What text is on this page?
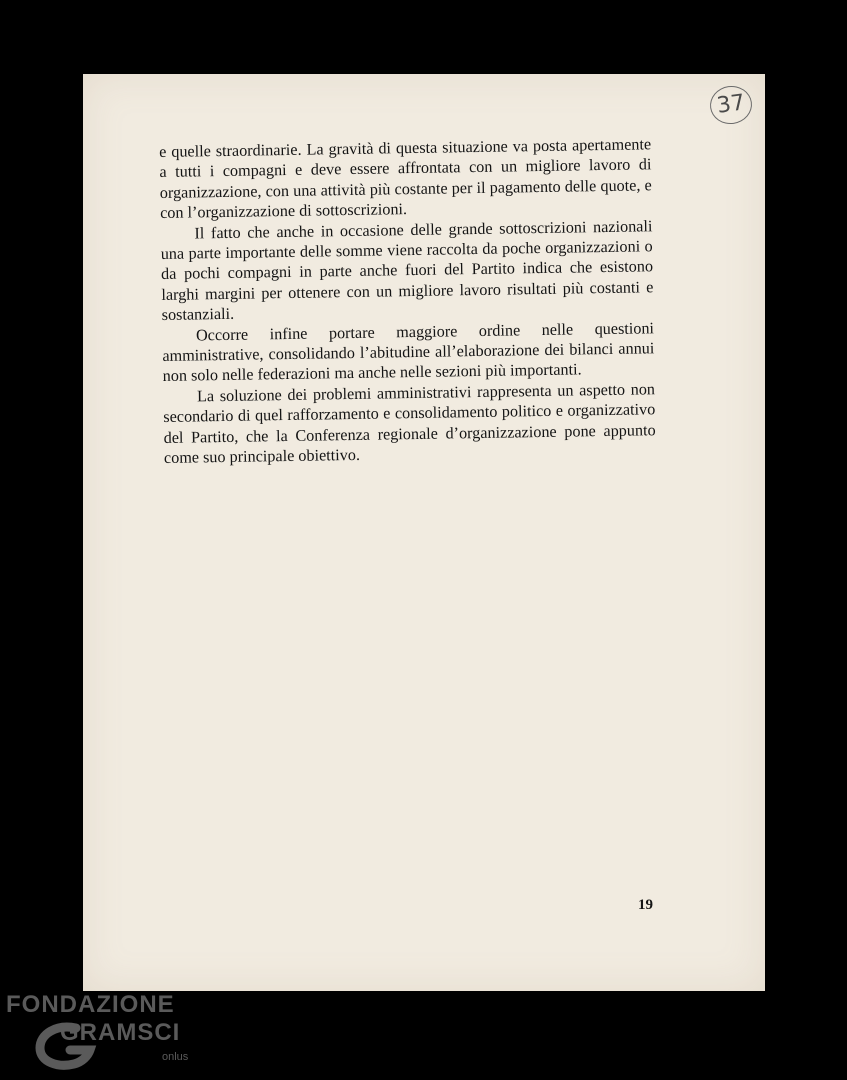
37

e quelle straordinarie. La gravità di questa situazione va posta apertamente a tutti i compagni e deve essere affrontata con un migliore lavoro di organizzazione, con una attività più costante per il pagamento delle quote, e con l’organizzazione di sottoscrizioni.

Il fatto che anche in occasione delle grande sottoscrizioni nazionali una parte importante delle somme viene raccolta da poche organizzazioni o da pochi compagni in parte anche fuori del Partito indica che esistono larghi margini per ottenere con un migliore lavoro risultati più costanti e sostanziali.

Occorre infine portare maggiore ordine nelle questioni amministrative, consolidando l’abitudine all’elaborazione dei bilanci annui non solo nelle federazioni ma anche nelle sezioni più importanti.

La soluzione dei problemi amministrativi rappresenta un aspetto non secondario di quel rafforzamento e consolidamento politico e organizzativo del Partito, che la Conferenza regionale d’organizzazione pone appunto come suo principale obiettivo.

19
FONDAZIONE
GRAMSCI
onlus
